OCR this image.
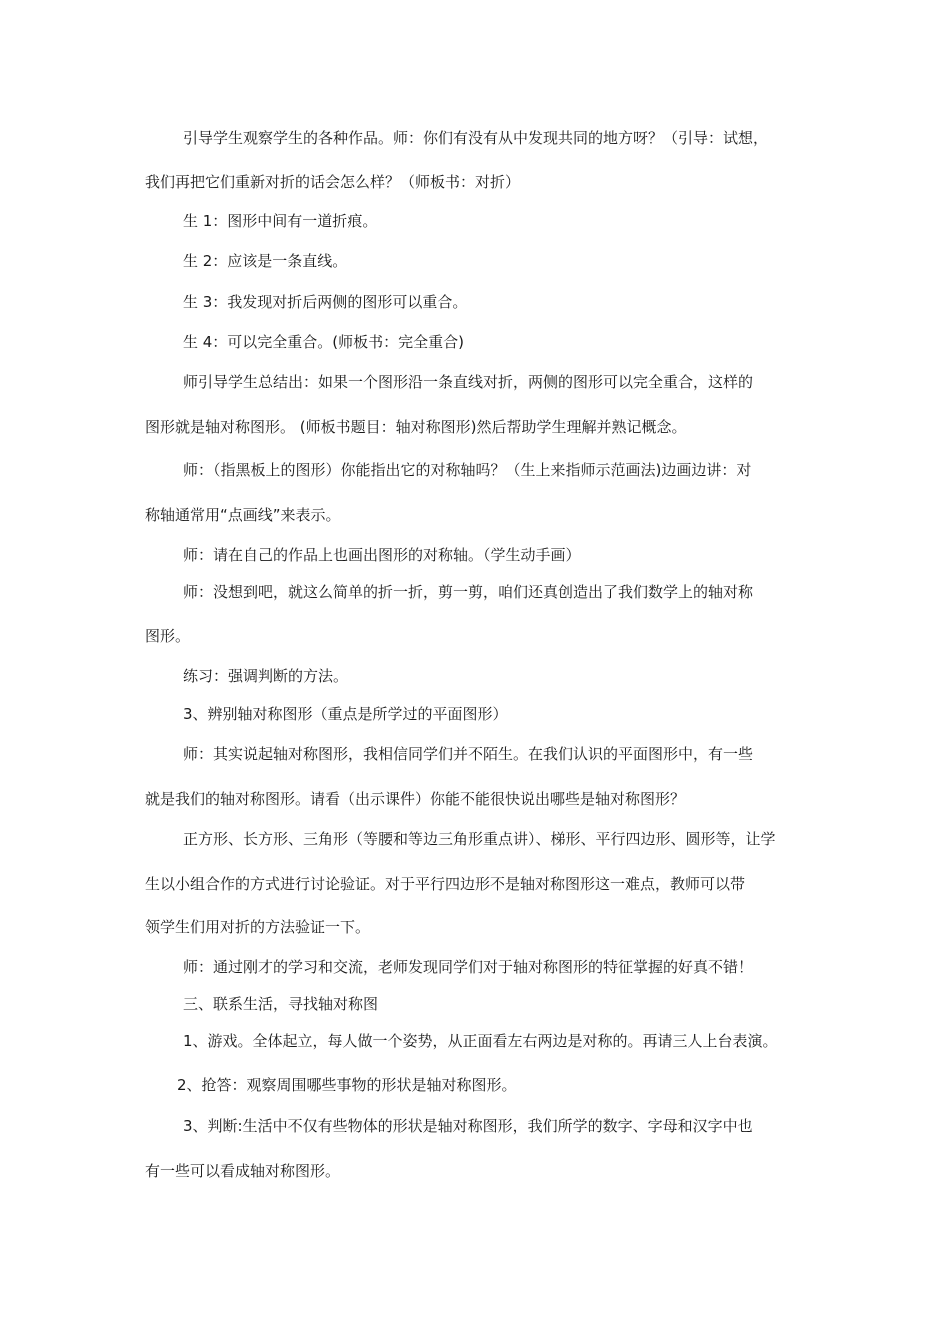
引导学生观察学生的各种作品。师：你们有没有从中发现共同的地方呀？（引导：试想，
我们再把它们重新对折的话会怎么样？（师板书：对折）
生 1：图形中间有一道折痕。
生 2：应该是一条直线。
生 3：我发现对折后两侧的图形可以重合。
生 4：可以完全重合。(师板书：完全重合)
师引导学生总结出：如果一个图形沿一条直线对折，两侧的图形可以完全重合，这样的
图形就是轴对称图形。 (师板书题目：轴对称图形)然后帮助学生理解并熟记概念。
师：（指黑板上的图形）你能指出它的对称轴吗？（生上来指师示范画法)边画边讲：对
称轴通常用“点画线”来表示。
师：请在自己的作品上也画出图形的对称轴。（学生动手画）
师：没想到吧，就这么简单的折一折，剪一剪，咱们还真创造出了我们数学上的轴对称
图形。
练习：强调判断的方法。
3、辨别轴对称图形（重点是所学过的平面图形）
师：其实说起轴对称图形，我相信同学们并不陌生。在我们认识的平面图形中，有一些
就是我们的轴对称图形。请看（出示课件）你能不能很快说出哪些是轴对称图形？
正方形、长方形、三角形（等腰和等边三角形重点讲）、梯形、平行四边形、圆形等，让学
生以小组合作的方式进行讨论验证。对于平行四边形不是轴对称图形这一难点，教师可以带
领学生们用对折的方法验证一下。
师：通过刚才的学习和交流，老师发现同学们对于轴对称图形的特征掌握的好真不错！
三、联系生活，寻找轴对称图
1、游戏。全体起立，每人做一个姿势，从正面看左右两边是对称的。再请三人上台表演。
2、抢答：观察周围哪些事物的形状是轴对称图形。
3、判断:生活中不仅有些物体的形状是轴对称图形，我们所学的数字、字母和汉字中也
有一些可以看成轴对称图形。
